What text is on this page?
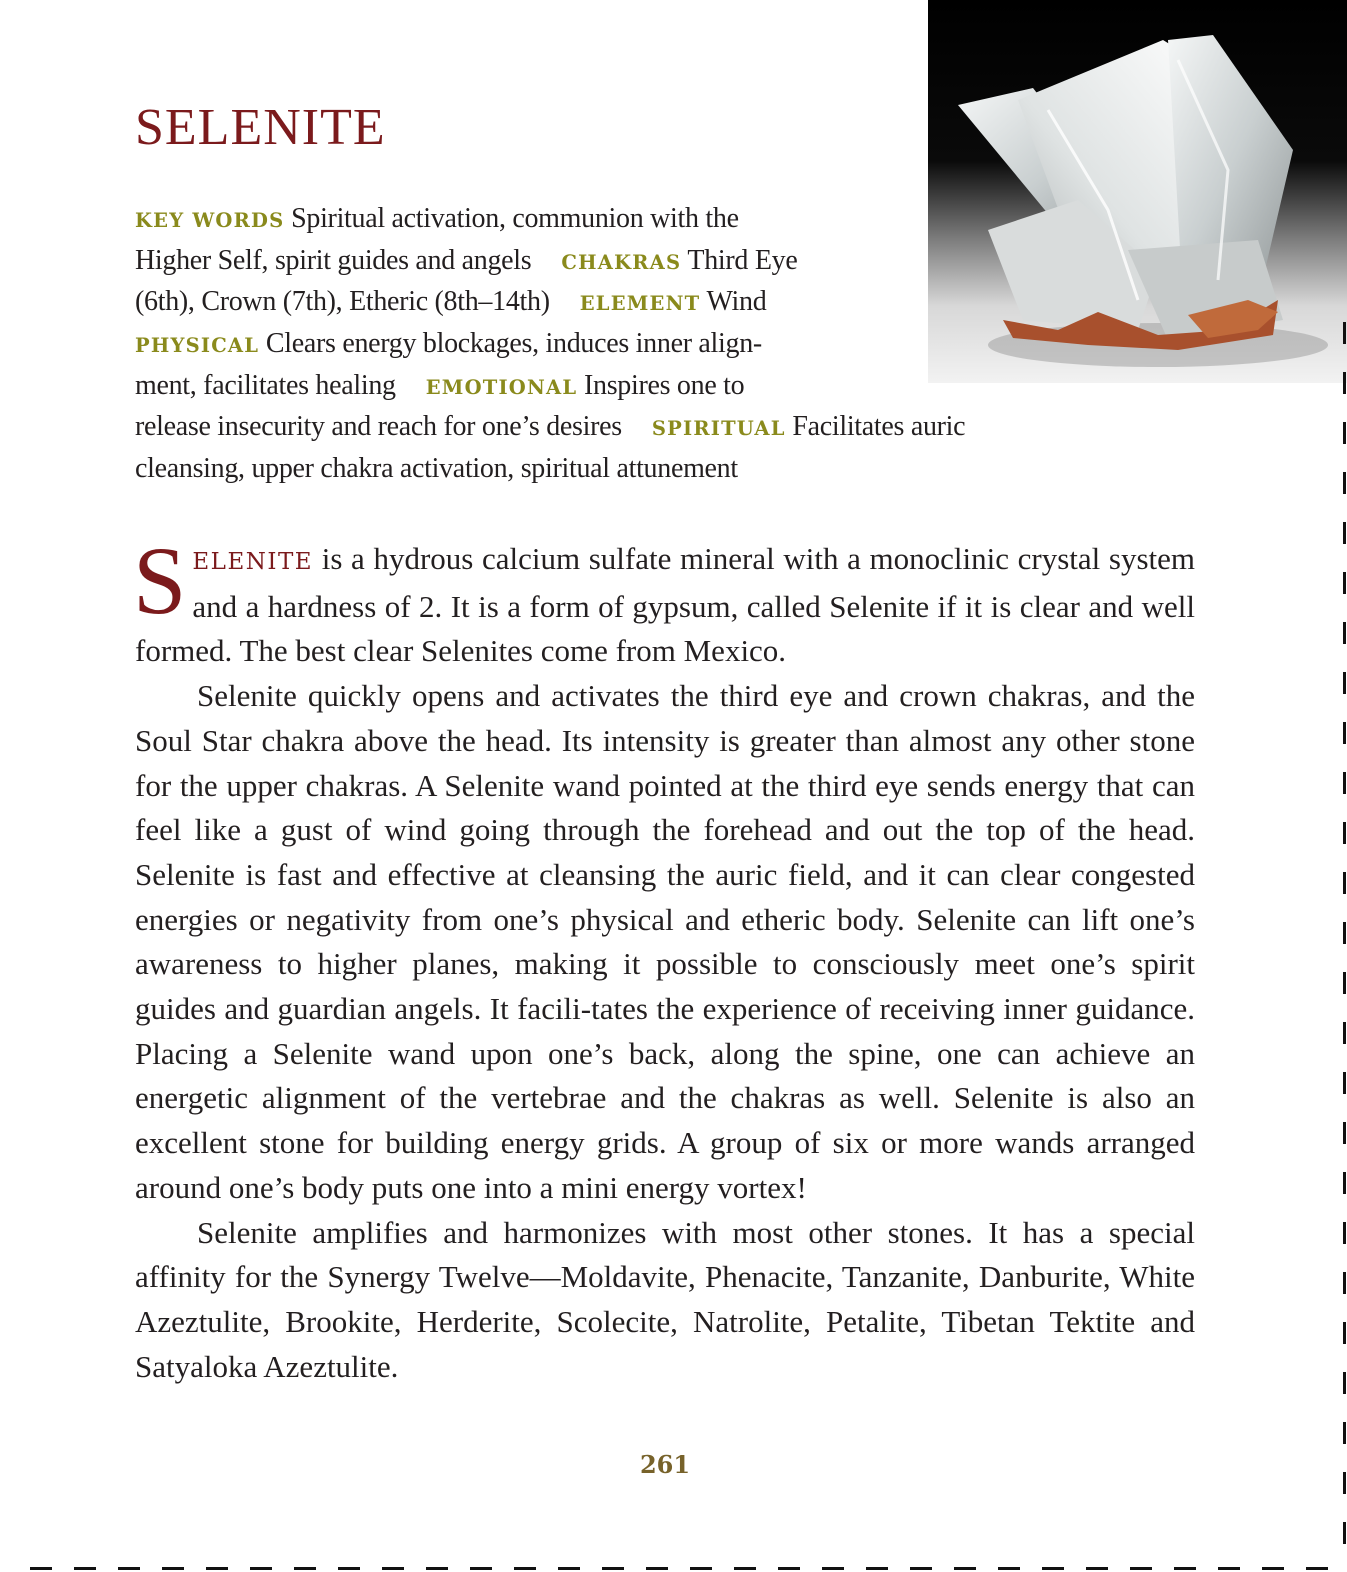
SELENITE
KEY WORDS Spiritual activation, communion with the
Higher Self, spirit guides and angels CHAKRAS Third Eye
(6th), Crown (7th), Etheric (8th–14th) ELEMENT Wind
PHYSICAL Clears energy blockages, induces inner align-
ment, facilitates healing EMOTIONAL Inspires one to
release insecurity and reach for one’s desires SPIRITUAL Facilitates auric
cleansing, upper chakra activation, spiritual attunement

SELENITE is a hydrous calcium sulfate mineral with a monoclinic crystal system and a hardness of 2. It is a form of gypsum, called Selenite if it is clear and well formed. The best clear Selenites come from Mexico.

Selenite quickly opens and activates the third eye and crown chakras, and the Soul Star chakra above the head. Its intensity is greater than almost any other stone for the upper chakras. A Selenite wand pointed at the third eye sends energy that can feel like a gust of wind going through the forehead and out the top of the head. Selenite is fast and effective at cleansing the auric field, and it can clear congested energies or negativity from one’s physical and etheric body. Selenite can lift one’s awareness to higher planes, making it possible to consciously meet one’s spirit guides and guardian angels. It facili-tates the experience of receiving inner guidance. Placing a Selenite wand upon one’s back, along the spine, one can achieve an energetic alignment of the vertebrae and the chakras as well. Selenite is also an excellent stone for building energy grids. A group of six or more wands arranged around one’s body puts one into a mini energy vortex!

Selenite amplifies and harmonizes with most other stones. It has a special affinity for the Synergy Twelve—Moldavite, Phenacite, Tanzanite, Danburite, White Azeztulite, Brookite, Herderite, Scolecite, Natrolite, Petalite, Tibetan Tektite and Satyaloka Azeztulite.

261
